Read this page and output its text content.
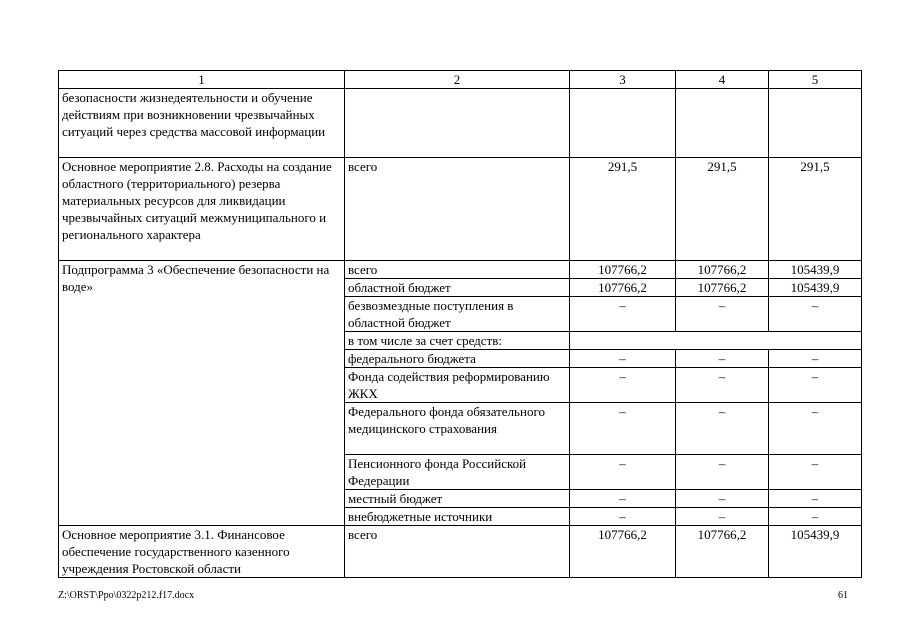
1	2	3	4	5
безопасности жизнедеятельности и обучение действиям при возникновении чрезвычайных ситуаций через средства массовой информации				
Основное мероприятие 2.8. Расходы на создание областного (территориального) резерва материальных ресурсов для ликвидации чрезвычайных ситуаций межмуниципального и регионального характера	всего	291,5	291,5	291,5
Подпрограмма 3 «Обеспечение безопасности на воде»	всего	107766,2	107766,2	105439,9
	областной бюджет	107766,2	107766,2	105439,9
	безвозмездные поступления в областной бюджет	–	–	–
	в том числе за счет средств:			
	федерального бюджета	–	–	–
	Фонда содействия реформированию ЖКХ	–	–	–
	Федерального фонда обязательного медицинского страхования	–	–	–
	Пенсионного фонда Российской Федерации	–	–	–
	местный бюджет	–	–	–
	внебюджетные источники	–	–	–
Основное мероприятие 3.1. Финансовое обеспечение государственного казенного учреждения Ростовской области	всего	107766,2	107766,2	105439,9
Z:\ORST\Ppo\0322p212.f17.docx	61
